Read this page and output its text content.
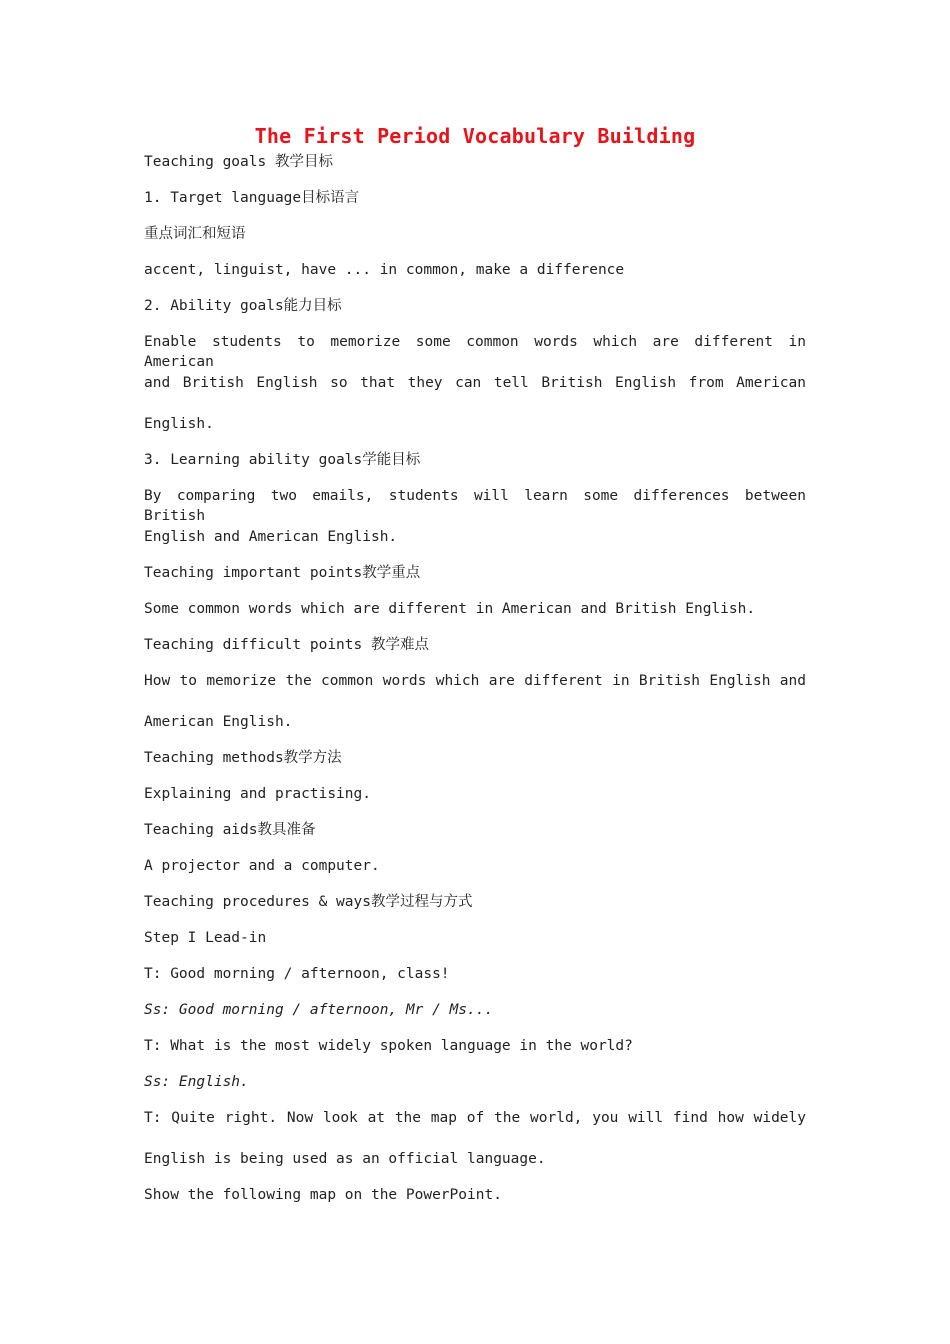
The First Period Vocabulary Building
Teaching goals 教学目标
1. Target language目标语言
重点词汇和短语
accent, linguist, have ... in common, make a difference
2. Ability goals能力目标
Enable students to memorize some common words which are different in American
and British English so that they can tell British English from American
English.
3. Learning ability goals学能目标
By comparing two emails, students will learn some differences between British
English and American English.
Teaching important points教学重点
Some common words which are different in American and British English.
Teaching difficult points 教学难点
How to memorize the common words which are different in British English and
American English.
Teaching methods教学方法
Explaining and practising.
Teaching aids教具准备
A projector and a computer.
Teaching procedures & ways教学过程与方式
Step I Lead-in
T: Good morning / afternoon, class!
Ss: Good morning / afternoon, Mr / Ms...
T: What is the most widely spoken language in the world?
Ss: English.
T: Quite right. Now look at the map of the world, you will find how widely
English is being used as an official language.
Show the following map on the PowerPoint.
